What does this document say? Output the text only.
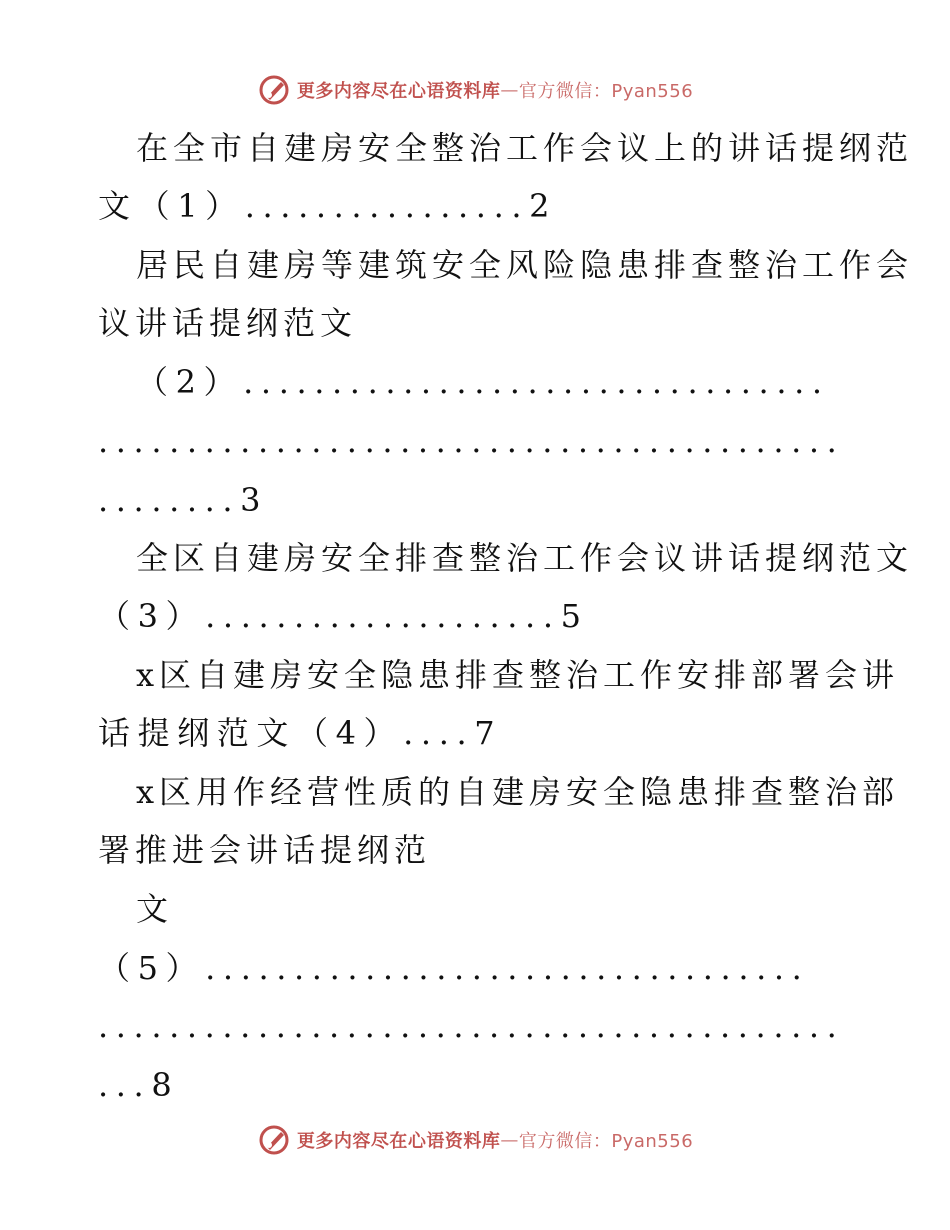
更多内容尽在心语资料库 — 官方微信：Pyan556
在全市自建房安全整治工作会议上的讲话提纲范
文（1）................2
居民自建房等建筑安全风险隐患排查整治工作会
议讲话提纲范文
（2）.................................
..........................................
........3
全区自建房安全排查整治工作会议讲话提纲范文
（3）....................5
x区自建房安全隐患排查整治工作安排部署会讲
话提纲范文（4）....7
x区用作经营性质的自建房安全隐患排查整治部
署推进会讲话提纲范
文
（5）..................................
..........................................
...8
更多内容尽在心语资料库 — 官方微信：Pyan556
